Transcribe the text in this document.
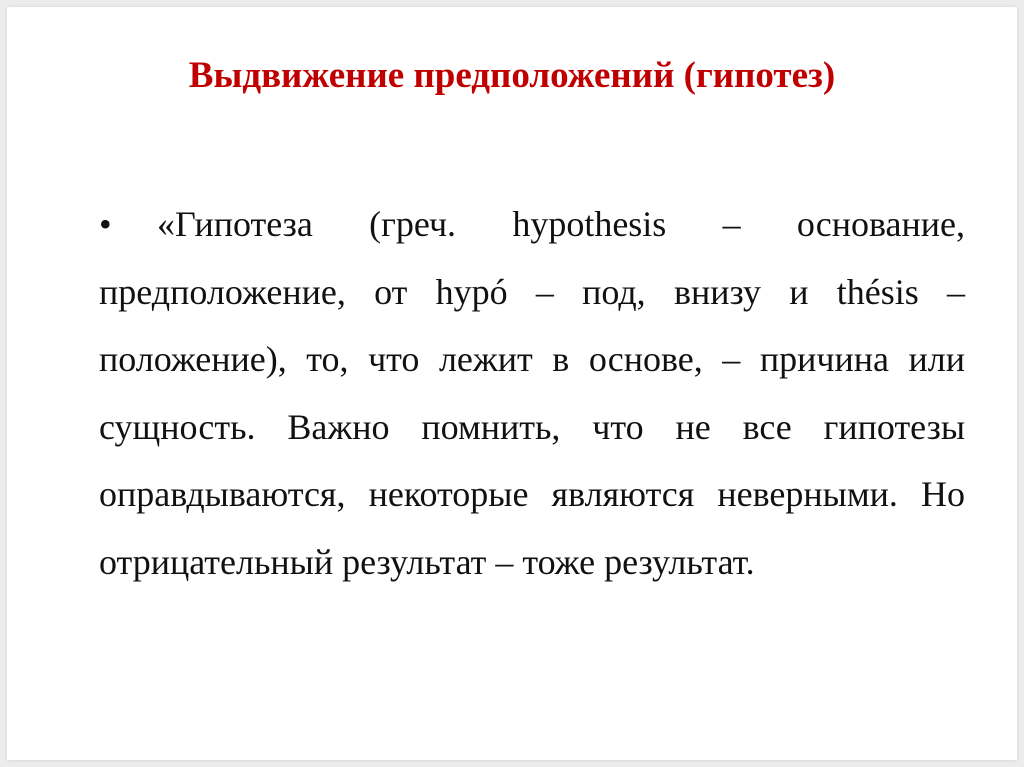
Выдвижение предположений (гипотез)
• «Гипотеза (греч. hypothesis – основание, предположение, от hypó – под, внизу и thésis – положение), то, что лежит в основе, – причина или сущность. Важно помнить, что не все гипотезы оправдываются, некоторые являются неверными. Но отрицательный результат – тоже результат.
